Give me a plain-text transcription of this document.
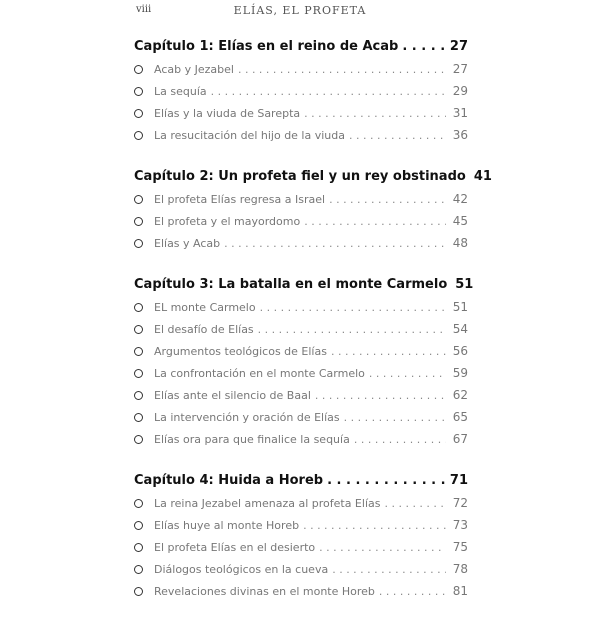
viii	ELÍAS, EL PROFETA
Capítulo 1: Elías en el reino de Acab . . .	27
Acab y Jezabel . . .	27
La sequía . . .	29
Elías y la viuda de Sarepta . . .	31
La resucitación del hijo de la viuda . . .	36
Capítulo 2: Un profeta fiel y un rey obstinado 41
El profeta Elías regresa a Israel . . .	42
El profeta y el mayordomo . . .	45
Elías y Acab . . .	48
Capítulo 3: La batalla en el monte Carmelo 51
EL monte Carmelo . . .	51
El desafío de Elías . . .	54
Argumentos teológicos de Elías . . .	56
La confrontación en el monte Carmelo . . .	59
Elías ante el silencio de Baal . . .	62
La intervención y oración de Elías . . .	65
Elías ora para que finalice la sequía . . .	67
Capítulo 4: Huida a Horeb . . .	71
La reina Jezabel amenaza al profeta Elías . . .	72
Elías huye al monte Horeb . . .	73
El profeta Elías en el desierto . . .	75
Diálogos teológicos en la cueva . . .	78
Revelaciones divinas en el monte Horeb . . .	81
